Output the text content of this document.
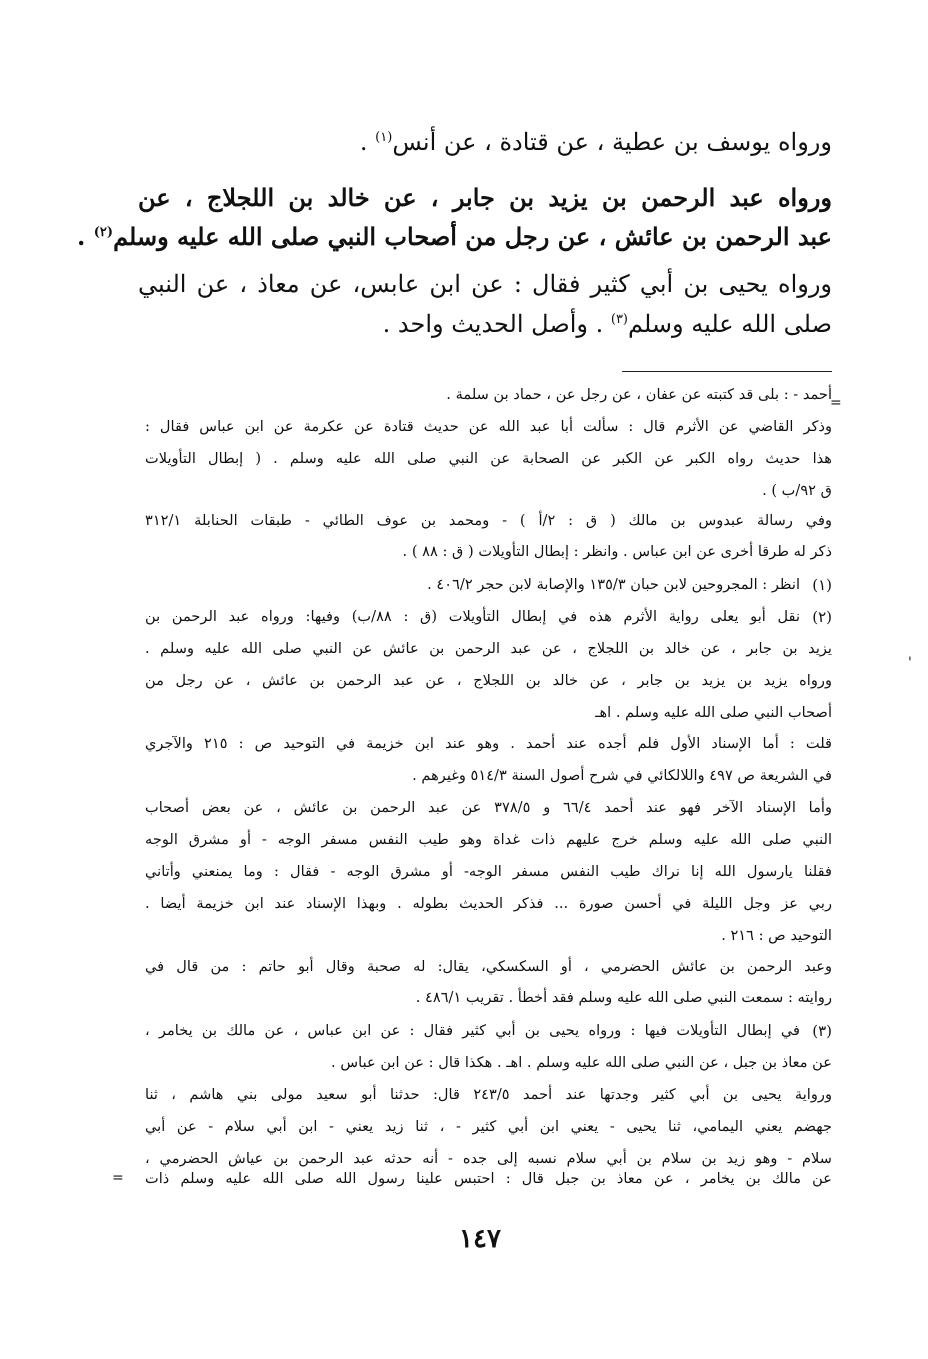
ورواه يوسف بن عطية ، عن قتادة ، عن أنس$^{(١)}$ .
ورواه عبد الرحمن بن يزيد بن جابر ، عن خالد بن اللجلاج ، عن
عبد الرحمن بن عائش ، عن رجل من أصحاب النبي صلى الله عليه وسلم$^{(٢)}$ .
ورواه يحيى بن أبي كثير فقال : عن ابن عابس، عن معاذ ، عن النبي
صلى الله عليه وسلم$^{(٣)}$ . وأصل الحديث واحد .
=
'
=
أحمد - : بلى قد كتبته عن عفان ، عن رجل عن ، حماد بن سلمة .
وذكر القاضي عن الأثرم قال : سألت أبا عبد الله عن حديث قتادة عن عكرمة عن ابن عباس فقال :
هذا حديث رواه الكبر عن الكبر عن الصحابة عن النبي صلى الله عليه وسلم . ( إبطال التأويلات
ق ٩٢/ب ) .
وفي رسالة عبدوس بن مالك ( ق : ٢/أ ) - ومحمد بن عوف الطائي - طبقات الحنابلة ٣١٢/١
ذكر له طرقا أخرى عن ابن عباس . وانظر : إبطال التأويلات ( ق : ٨٨ ) .
(١)
انظر : المجروحين لابن حبان ١٣٥/٣ والإصابة لابن حجر ٤٠٦/٢ .
(٢)
نقل أبو يعلى رواية الأثرم هذه في إبطال التأويلات (ق : ٨٨/ب) وفيها: ورواه عبد الرحمن بن
يزيد بن جابر ، عن خالد بن اللجلاج ، عن عبد الرحمن بن عائش عن النبي صلى الله عليه وسلم .
ورواه يزيد بن يزيد بن جابر ، عن خالد بن اللجلاج ، عن عبد الرحمن بن عائش ، عن رجل من
أصحاب النبي صلى الله عليه وسلم . اهـ
قلت : أما الإسناد الأول فلم أجده عند أحمد . وهو عند ابن خزيمة في التوحيد ص : ٢١٥ والآجري
في الشريعة ص ٤٩٧ واللالكائي في شرح أصول السنة ٥١٤/٣ وغيرهم .
وأما الإسناد الآخر فهو عند أحمد ٦٦/٤ و ٣٧٨/٥ عن عبد الرحمن بن عائش ، عن بعض أصحاب
النبي صلى الله عليه وسلم خرج عليهم ذات غداة وهو طيب النفس مسفر الوجه - أو مشرق الوجه
فقلنا يارسول الله إنا نراك طيب النفس مسفر الوجه- أو مشرق الوجه - فقال : وما يمنعني وأتاني
ربي عز وجل الليلة في أحسن صورة ... فذكر الحديث بطوله . وبهذا الإسناد عند ابن خزيمة أيضا .
التوحيد ص : ٢١٦ .
وعبد الرحمن بن عائش الحضرمي ، أو السكسكي، يقال: له صحبة وقال أبو حاتم : من قال في
روايته : سمعت النبي صلى الله عليه وسلم فقد أخطأ . تقريب ٤٨٦/١ .
(٣)
في إبطال التأويلات فيها : ورواه يحيى بن أبي كثير فقال : عن ابن عباس ، عن مالك بن يخامر ،
عن معاذ بن جبل ، عن النبي صلى الله عليه وسلم . اهـ . هكذا قال : عن ابن عباس .
ورواية يحيى بن أبي كثير وجدتها عند أحمد ٢٤٣/٥ قال: حدثنا أبو سعيد مولى بني هاشم ، ثنا
جهضم يعني اليمامي، ثنا يحيى - يعني ابن أبي كثير - ، ثنا زيد يعني - ابن أبي سلام - عن أبي
سلام - وهو زيد بن سلام بن أبي سلام نسبه إلى جده - أنه حدثه عبد الرحمن بن عياش الحضرمي ،
عن مالك بن يخامر ، عن معاذ بن جبل قال : احتبس علينا رسول الله صلى الله عليه وسلم ذات
١٤٧
